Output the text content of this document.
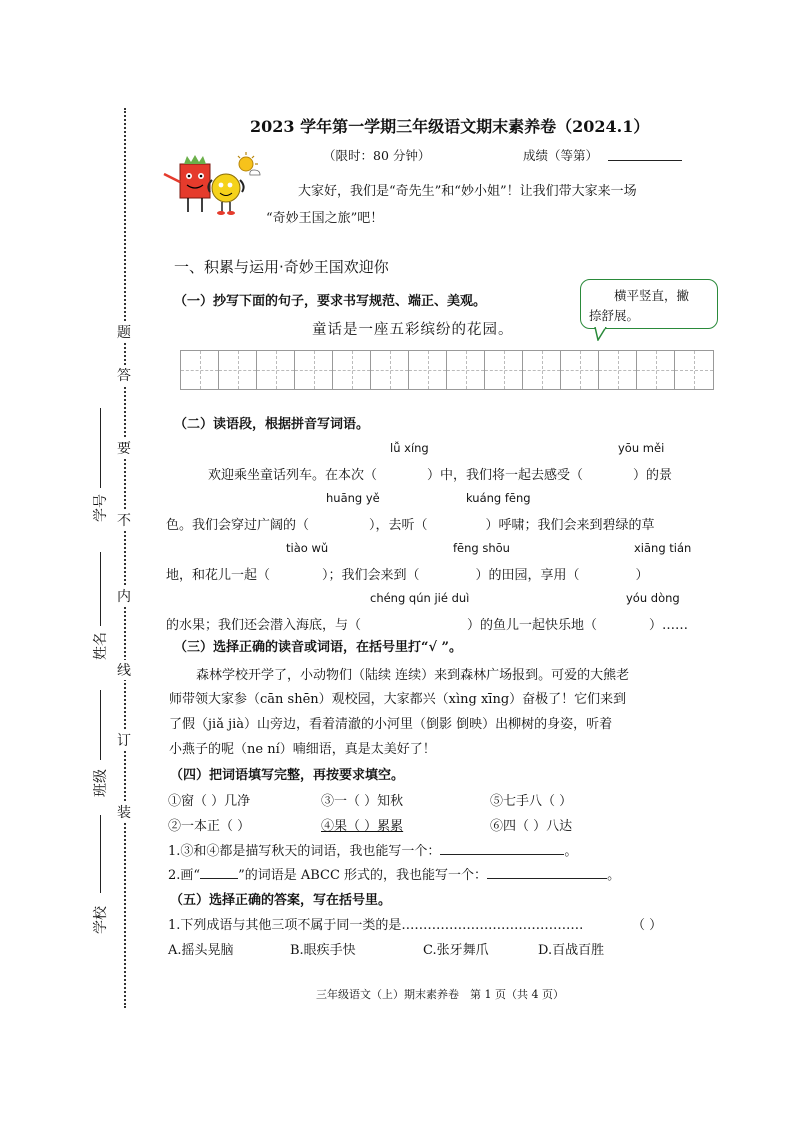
题
答
要
不
内
线
订
装
学校
班级
姓名
学号
2023 学年第一学期三年级语文期末素养卷（2024.1）
（限时：80 分钟）	成绩（等第）
大家好，我们是“奇先生”和“妙小姐”！让我们带大家来一场
“奇妙王国之旅”吧！
一、积累与运用·奇妙王国欢迎你
（一）抄写下面的句子，要求书写规范、端正、美观。	横平竖直，撇
捺舒展。
童话是一座五彩缤纷的花园。
（二）读语段，根据拼音写词语。
lǚ xíng	yōu měi
欢迎乘坐童话列车。在本次（	）中，我们将一起去感受（	）的景
huāng yě	kuáng fēng
色。我们会穿过广阔的（	），去听（	）呼啸；我们会来到碧绿的草
tiào wǔ	fēng shōu	xiāng tián
地，和花儿一起（	）；我们会来到（	）的田园，享用（	）
chéng qún jié duì	yóu dòng
的水果；我们还会潜入海底，与（	）的鱼儿一起快乐地（	）……
（三）选择正确的读音或词语，在括号里打“√ ”。
森林学校开学了，小动物们（陆续 连续）来到森林广场报到。可爱的大熊老
师带领大家参（cān shēn）观校园，大家都兴（xìng xīng）奋极了！它们来到
了假（jiǎ jià）山旁边，看着清澈的小河里（倒影 倒映）出柳树的身姿，听着
小燕子的呢（ne ní）喃细语，真是太美好了！
（四）把词语填写完整，再按要求填空。
①窗（ ）几净	③一（ ）知秋	⑤七手八（ ）
②一本正（ ）	④果（ ）累累	⑥四（ ）八达
1.③和④都是描写秋天的词语，我也能写一个：	。
2.画“	”的词语是 ABCC 形式的，我也能写一个：	。
（五）选择正确的答案，写在括号里。
1.下列成语与其他三项不属于同一类的是……………………………………	（ ）
A.摇头晃脑	B.眼疾手快	C.张牙舞爪	D.百战百胜
三年级语文（上）期末素养卷　第 1 页（共 4 页）
